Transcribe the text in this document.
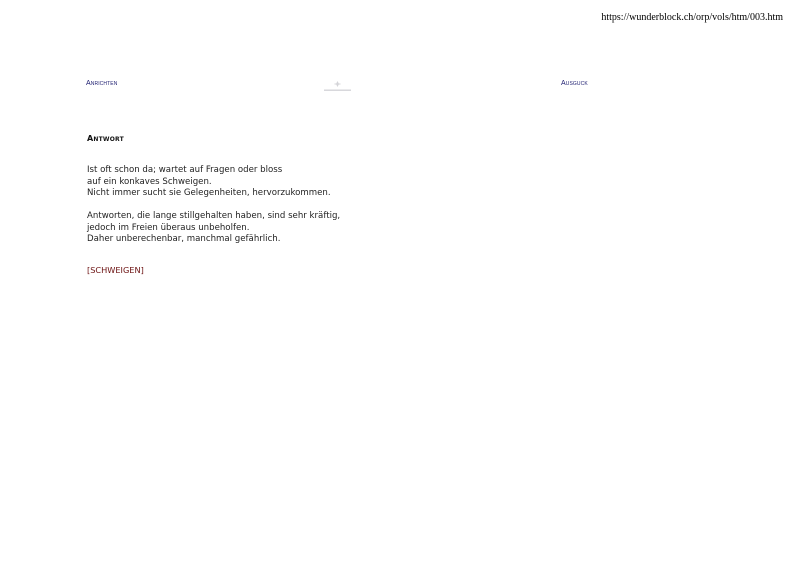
https://wunderblock.ch/orp/vols/htm/003.htm
Anrichten	Ausguck
Antwort

Ist oft schon da; wartet auf Fragen oder bloss
auf ein konkaves Schweigen.
Nicht immer sucht sie Gelegenheiten, hervorzukommen.

Antworten, die lange stillgehalten haben, sind sehr kräftig,
jedoch im Freien überaus unbeholfen.
Daher unberechenbar, manchmal gefährlich.

[SCHWEIGEN]
